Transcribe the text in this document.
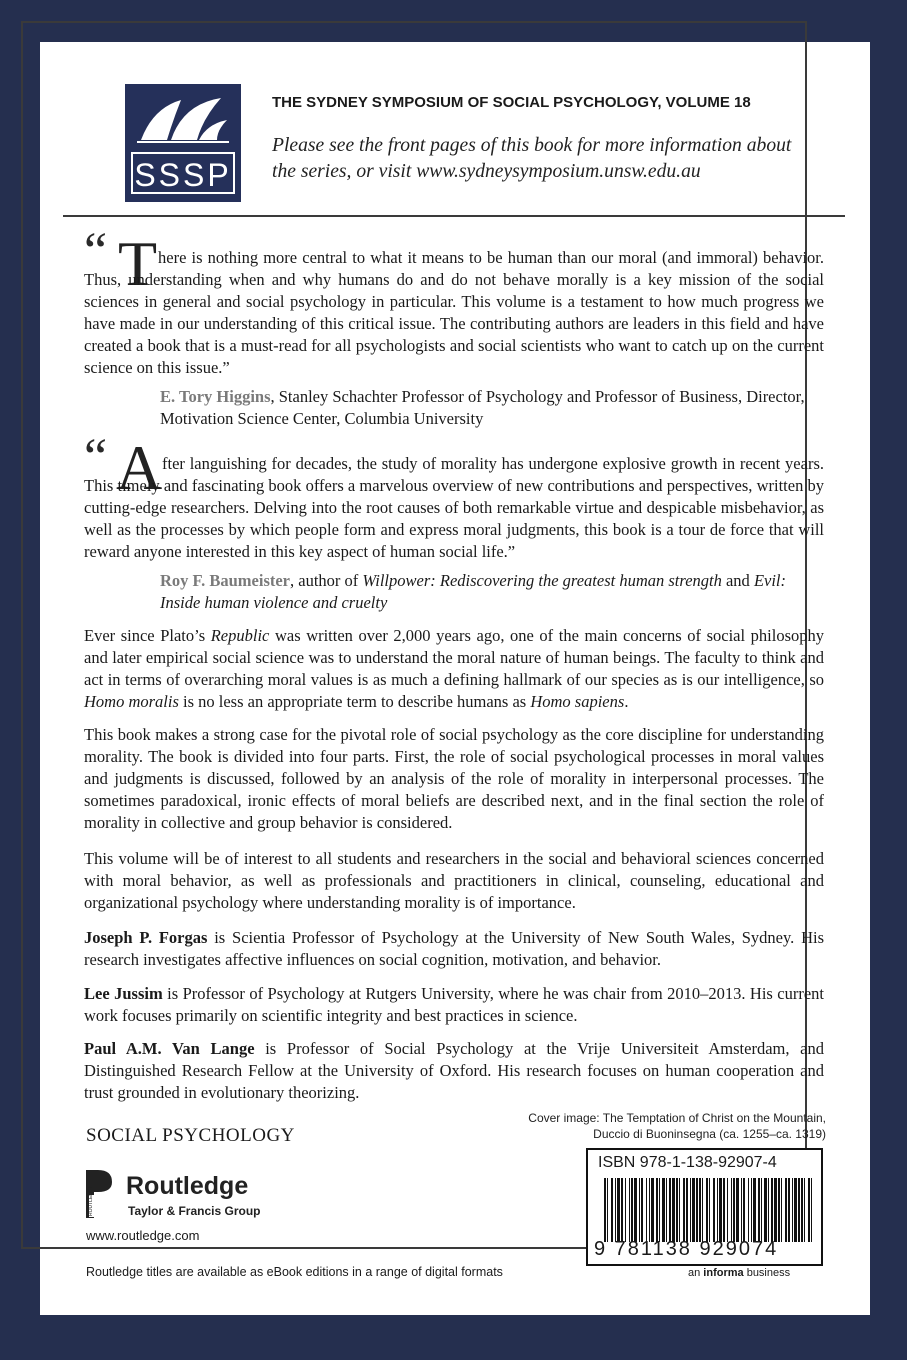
SSSP
THE SYDNEY SYMPOSIUM OF SOCIAL PSYCHOLOGY, VOLUME 18
Please see the front pages of this book for more information about the series, or visit www.sydneysymposium.unsw.edu.au
“ T here is nothing more central to what it means to be human than our moral (and immoral) behavior. Thus, understanding when and why humans do and do not behave morally is a key mission of the social sciences in general and social psychology in particular. This volume is a testament to how much progress we have made in our understanding of this critical issue. The contributing authors are leaders in this field and have created a book that is a must-read for all psychologists and social scientists who want to catch up on the current science on this issue.”
E. Tory Higgins, Stanley Schachter Professor of Psychology and Professor of Business, Director, Motivation Science Center, Columbia University
“ A fter languishing for decades, the study of morality has undergone explosive growth in recent years. This timely and fascinating book offers a marvelous overview of new contributions and perspectives, written by cutting-edge researchers. Delving into the root causes of both remarkable virtue and despicable misbehavior, as well as the processes by which people form and express moral judgments, this book is a tour de force that will reward anyone interested in this key aspect of human social life.”
Roy F. Baumeister, author of Willpower: Rediscovering the greatest human strength and Evil: Inside human violence and cruelty

Ever since Plato’s Republic was written over 2,000 years ago, one of the main concerns of social philosophy and later empirical social science was to understand the moral nature of human beings. The faculty to think and act in terms of overarching moral values is as much a defining hallmark of our species as is our intelligence, so Homo moralis is no less an appropriate term to describe humans as Homo sapiens.

This book makes a strong case for the pivotal role of social psychology as the core discipline for understanding morality. The book is divided into four parts. First, the role of social psychological processes in moral values and judgments is discussed, followed by an analysis of the role of morality in interpersonal processes. The sometimes paradoxical, ironic effects of moral beliefs are described next, and in the final section the role of morality in collective and group behavior is considered.

This volume will be of interest to all students and researchers in the social and behavioral sciences concerned with moral behavior, as well as professionals and practitioners in clinical, counseling, educational and organizational psychology where understanding morality is of importance.

Joseph P. Forgas is Scientia Professor of Psychology at the University of New South Wales, Sydney. His research investigates affective influences on social cognition, motivation, and behavior.

Lee Jussim is Professor of Psychology at Rutgers University, where he was chair from 2010–2013. His current work focuses primarily on scientific integrity and best practices in science.

Paul A.M. Van Lange is Professor of Social Psychology at the Vrije Universiteit Amsterdam, and Distinguished Research Fellow at the University of Oxford. His research focuses on human cooperation and trust grounded in evolutionary theorizing.

SOCIAL PSYCHOLOGY
Cover image: The Temptation of Christ on the Mountain,
Duccio di Buoninsegna (ca. 1255–ca. 1319)
ISBN 978-1-138-92907-4
9 781138 929074
an informa business
ROUTLEDGE Routledge
Taylor & Francis Group
www.routledge.com
Routledge titles are available as eBook editions in a range of digital formats
